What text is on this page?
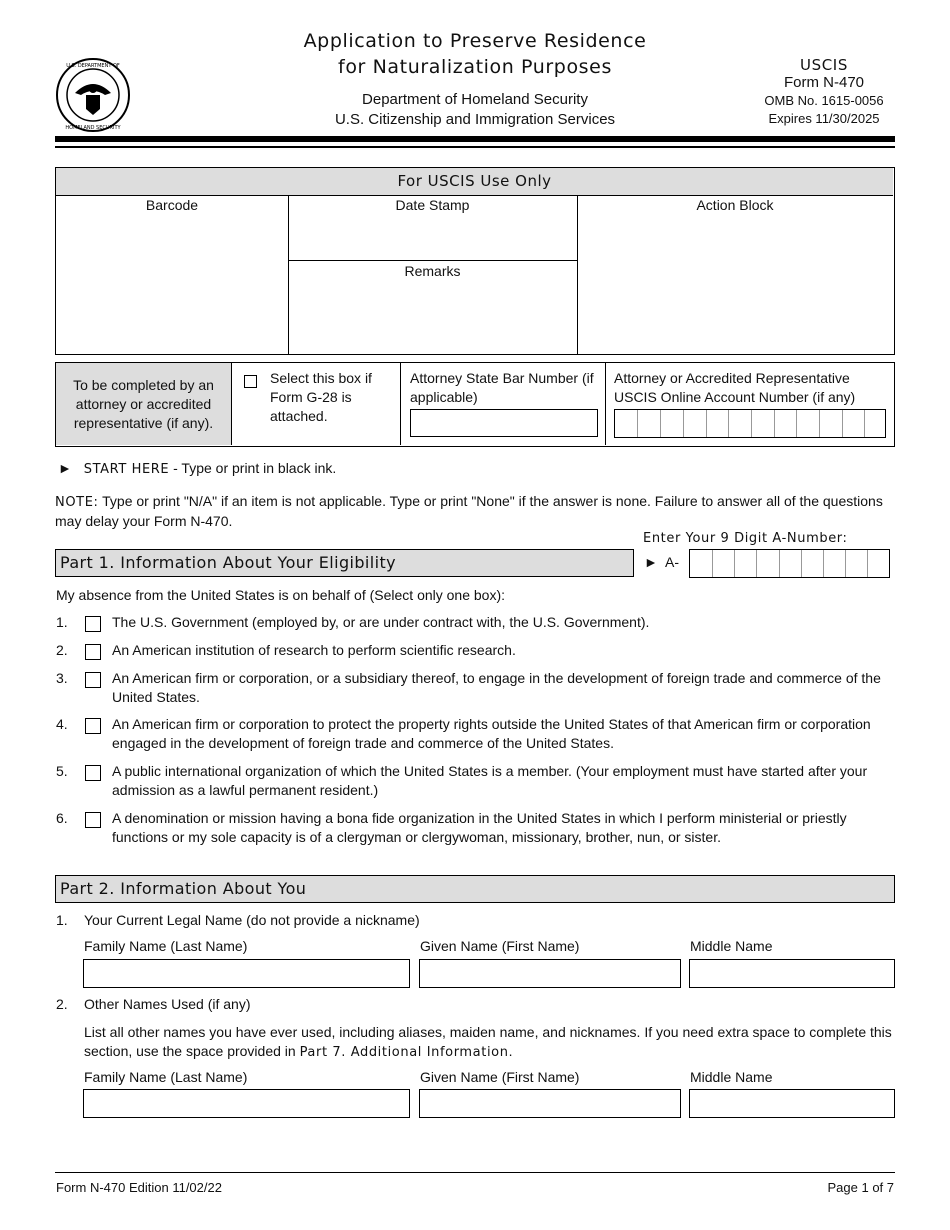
U.S. DEPARTMENT OF
HOMELAND SECURITY
Application to Preserve Residence
for Naturalization Purposes
Department of Homeland Security
U.S. Citizenship and Immigration Services
USCIS
Form N-470
OMB No. 1615-0056
Expires 11/30/2025
For USCIS Use Only
Barcode	Date Stamp
Remarks
Action Block
To be completed by an attorney or accredited representative (if any).
Select this box if Form G-28 is attached.
Attorney State Bar Number (if applicable)
Attorney or Accredited Representative USCIS Online Account Number (if any)
► START HERE - Type or print in black ink.
NOTE: Type or print "N/A" if an item is not applicable. Type or print "None" if the answer is none. Failure to answer all of the questions may delay your Form N-470.
Enter Your 9 Digit A-Number:
► A-
Part 1. Information About Your Eligibility
My absence from the United States is on behalf of (Select only one box):
1.	The U.S. Government (employed by, or are under contract with, the U.S. Government).
2.	An American institution of research to perform scientific research.
3.	An American firm or corporation, or a subsidiary thereof, to engage in the development of foreign trade and commerce of the United States.
4.	An American firm or corporation to protect the property rights outside the United States of that American firm or corporation engaged in the development of foreign trade and commerce of the United States.
5.	A public international organization of which the United States is a member. (Your employment must have started after your admission as a lawful permanent resident.)
6.	A denomination or mission having a bona fide organization in the United States in which I perform ministerial or priestly functions or my sole capacity is of a clergyman or clergywoman, missionary, brother, nun, or sister.
Part 2. Information About You
1. Your Current Legal Name (do not provide a nickname)
Family Name (Last Name)	Given Name (First Name)	Middle Name
2. Other Names Used (if any)
List all other names you have ever used, including aliases, maiden name, and nicknames. If you need extra space to complete this section, use the space provided in Part 7. Additional Information.
Family Name (Last Name)	Given Name (First Name)	Middle Name
Form N-470 Edition 11/02/22	Page 1 of 7
